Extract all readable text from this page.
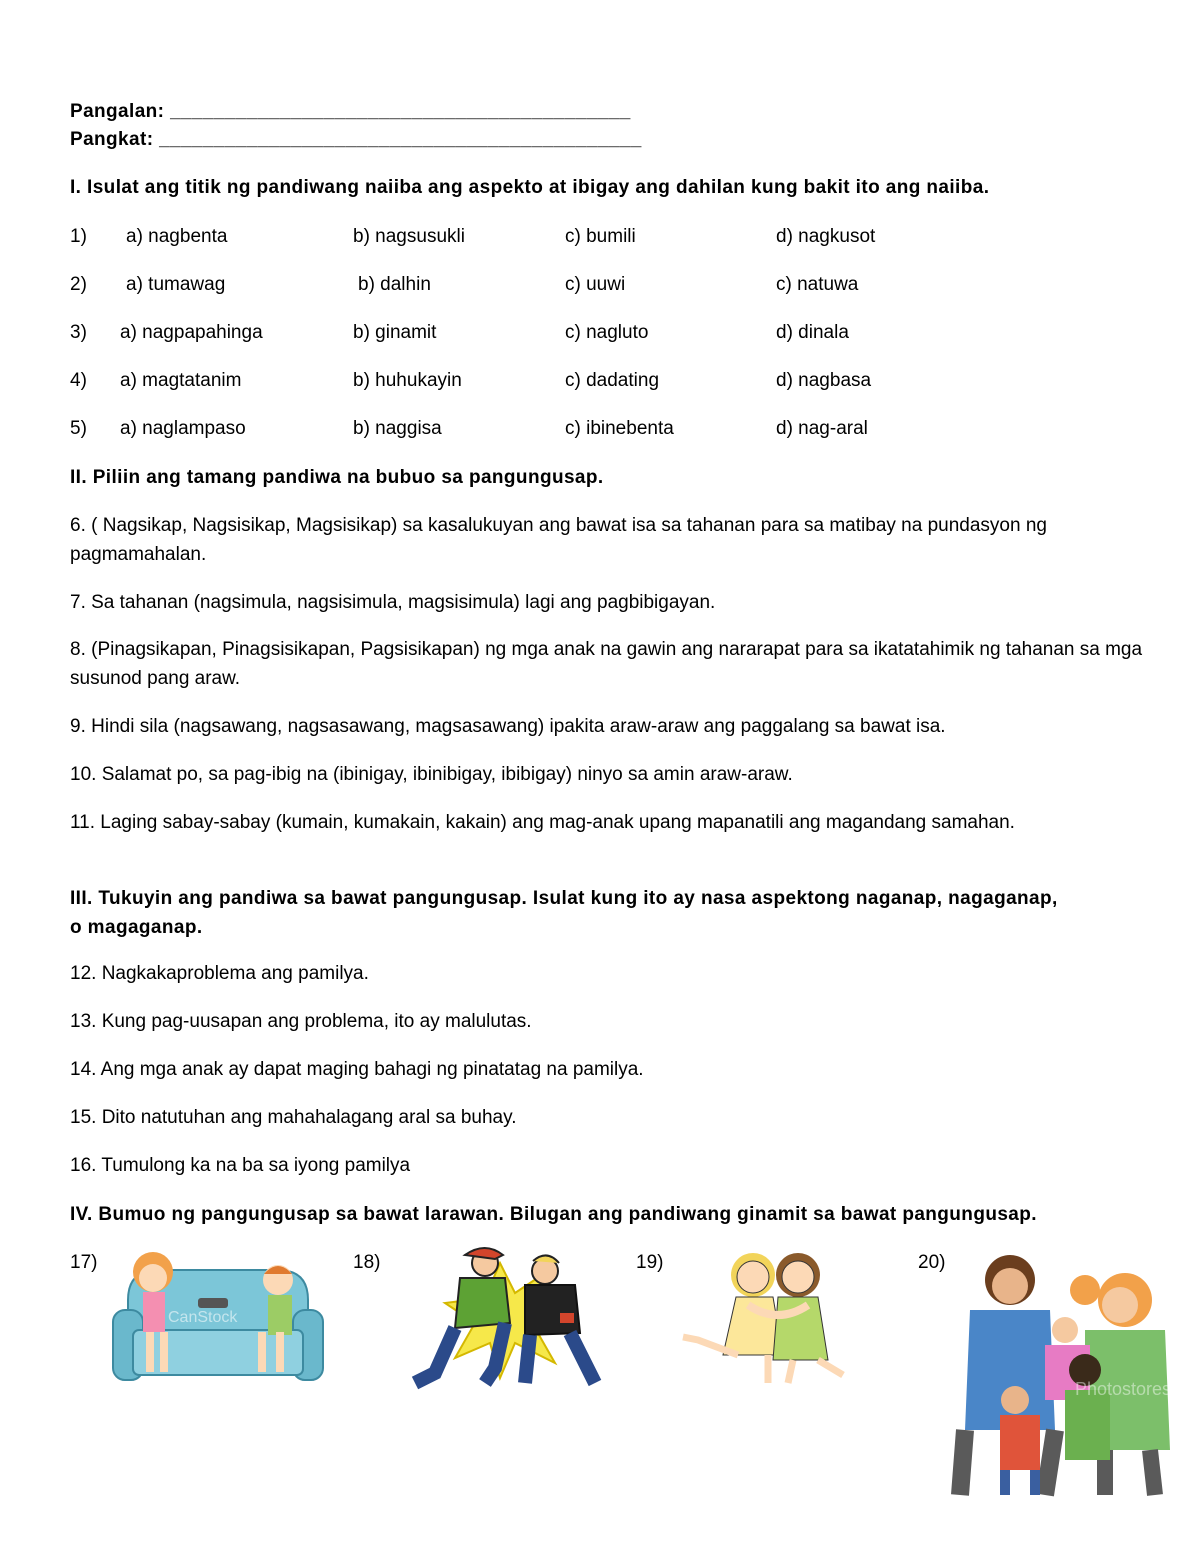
Pangalan: __________________________________________
Pangkat: ____________________________________________
I. Isulat ang titik ng pandiwang naiiba ang aspekto at ibigay ang dahilan kung bakit ito ang naiiba.
1) a) nagbenta	b) nagsusukli	c) bumili	d) nagkusot
2) a) tumawag	b) dalhin	c) uuwi	c) natuwa
3) a) nagpapahinga	b) ginamit	c) nagluto	d) dinala
4) a) magtatanim	b) huhukayin	c) dadating	d) nagbasa
5) a) naglampaso	b) naggisa	c) ibinebenta	d) nag-aral
II. Piliin ang tamang pandiwa na bubuo sa pangungusap.
6. ( Nagsikap, Nagsisikap, Magsisikap) sa kasalukuyan ang bawat isa sa tahanan para sa matibay na pundasyon ng pagmamahalan.
7. Sa tahanan (nagsimula, nagsisimula, magsisimula) lagi ang pagbibigayan.
8. (Pinagsikapan, Pinagsisikapan, Pagsisikapan) ng mga anak na gawin ang nararapat para sa ikatatahimik ng tahanan sa mga susunod pang araw.
9. Hindi sila (nagsawang, nagsasawang, magsasawang) ipakita araw-araw ang paggalang sa bawat isa.
10. Salamat po, sa pag-ibig na (ibinigay, ibinibigay, ibibigay) ninyo sa amin araw-araw.
11. Laging sabay-sabay (kumain, kumakain, kakain) ang mag-anak upang mapanatili ang magandang samahan.
III. Tukuyin ang pandiwa sa bawat pangungusap. Isulat kung ito ay nasa aspektong naganap, nagaganap, o magaganap.
12. Nagkakaproblema ang pamilya.
13. Kung pag-uusapan ang problema, ito ay malulutas.
14. Ang mga anak ay dapat maging bahagi ng pinatatag na pamilya.
15. Dito natutuhan ang mahahalagang aral sa buhay.
16. Tumulong ka na ba sa iyong pamilya
IV. Bumuo ng pangungusap sa bawat larawan. Bilugan ang pandiwang ginamit sa bawat pangungusap.
17)	18)	19)	20)
CanStock
Photostores
